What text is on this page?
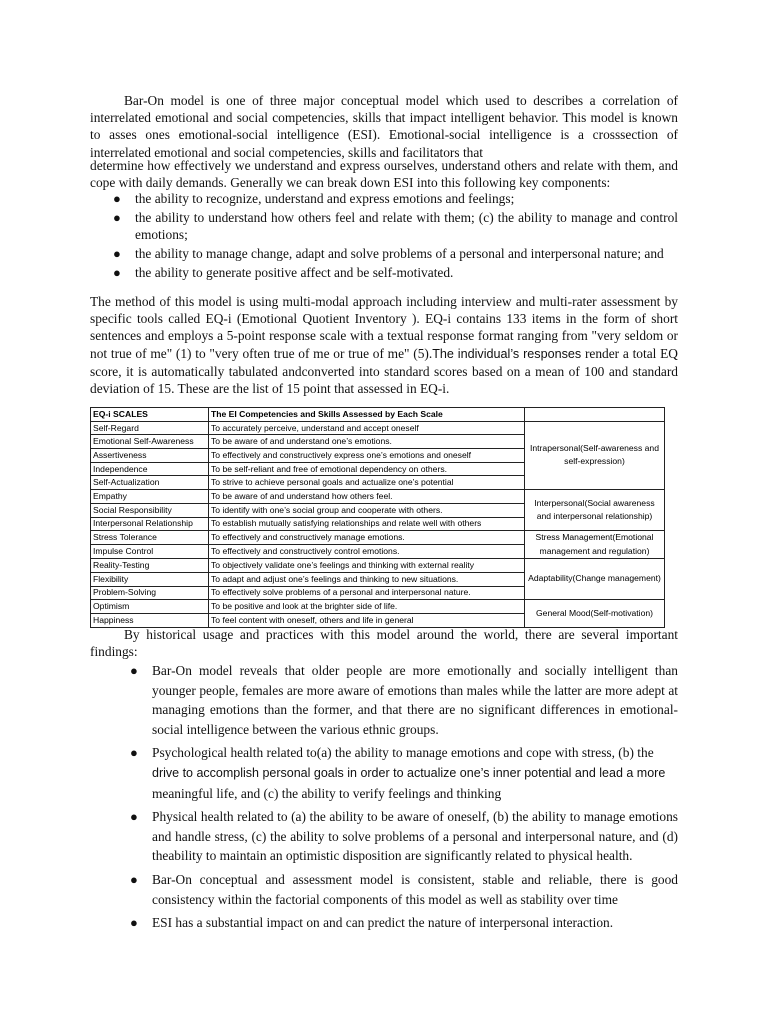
Bar-On model is one of three major conceptual model which used to describes a correlation of interrelated emotional and social competencies, skills that impact intelligent behavior. This model is known to asses ones emotional-social intelligence (ESI). Emotional-social intelligence is a crosssection of interrelated emotional and social competencies, skills and facilitators that

determine how effectively we understand and express ourselves, understand others and relate with them, and cope with daily demands. Generally we can break down ESI into this following key components:

● the ability to recognize, understand and express emotions and feelings;
● the ability to understand how others feel and relate with them; (c) the ability to manage and control emotions;
● the ability to manage change, adapt and solve problems of a personal and interpersonal nature; and
● the ability to generate positive affect and be self-motivated.

The method of this model is using multi-modal approach including interview and multi-rater assessment by specific tools called EQ-i (Emotional Quotient Inventory ). EQ-i contains 133 items in the form of short sentences and employs a 5-point response scale with a textual response format ranging from "very seldom or not true of me" (1) to "very often true of me or true of me" (5).The individual’s responses render a total EQ score, it is automatically tabulated andconverted into standard scores based on a mean of 100 and standard deviation of 15. These are the list of 15 point that assessed in EQ-i.

EQ-i SCALES	The EI Competencies and Skills Assessed by Each Scale	
Self-Regard	To accurately perceive, understand and accept oneself	Intrapersonal(Self-awareness and self-expression)
Emotional Self-Awareness	To be aware of and understand one’s emotions.	
Assertiveness	To effectively and constructively express one’s emotions and oneself	
Independence	To be self-reliant and free of emotional dependency on others.	
Self-Actualization	To strive to achieve personal goals and actualize one’s potential	
Empathy	To be aware of and understand how others feel.	Interpersonal(Social awareness and interpersonal relationship)
Social Responsibility	To identify with one’s social group and cooperate with others.	
Interpersonal Relationship	To establish mutually satisfying relationships and relate well with others	
Stress Tolerance	To effectively and constructively manage emotions.	Stress Management(Emotional management and regulation)
Impulse Control	To effectively and constructively control emotions.	
Reality-Testing	To objectively validate one’s feelings and thinking with external reality	Adaptability(Change management)
Flexibility	To adapt and adjust one’s feelings and thinking to new situations.	
Problem-Solving	To effectively solve problems of a personal and interpersonal nature.	
Optimism	To be positive and look at the brighter side of life.	General Mood(Self-motivation)
Happiness	To feel content with oneself, others and life in general	

By historical usage and practices with this model around the world, there are several important findings:

● Bar-On model reveals that older people are more emotionally and socially intelligent than younger people, females are more aware of emotions than males while the latter are more adept at managing emotions than the former, and that there are no significant differences in emotional-social intelligence between the various ethnic groups.
● Psychological health related to(a) the ability to manage emotions and cope with stress, (b) the
drive to accomplish personal goals in order to actualize one’s inner potential and lead a more
meaningful life, and (c) the ability to verify feelings and thinking
● Physical health related to (a) the ability to be aware of oneself, (b) the ability to manage emotions and handle stress, (c) the ability to solve problems of a personal and interpersonal nature, and (d) theability to maintain an optimistic disposition are significantly related to physical health.
● Bar-On conceptual and assessment model is consistent, stable and reliable, there is good consistency within the factorial components of this model as well as stability over time
● ESI has a substantial impact on and can predict the nature of interpersonal interaction.
